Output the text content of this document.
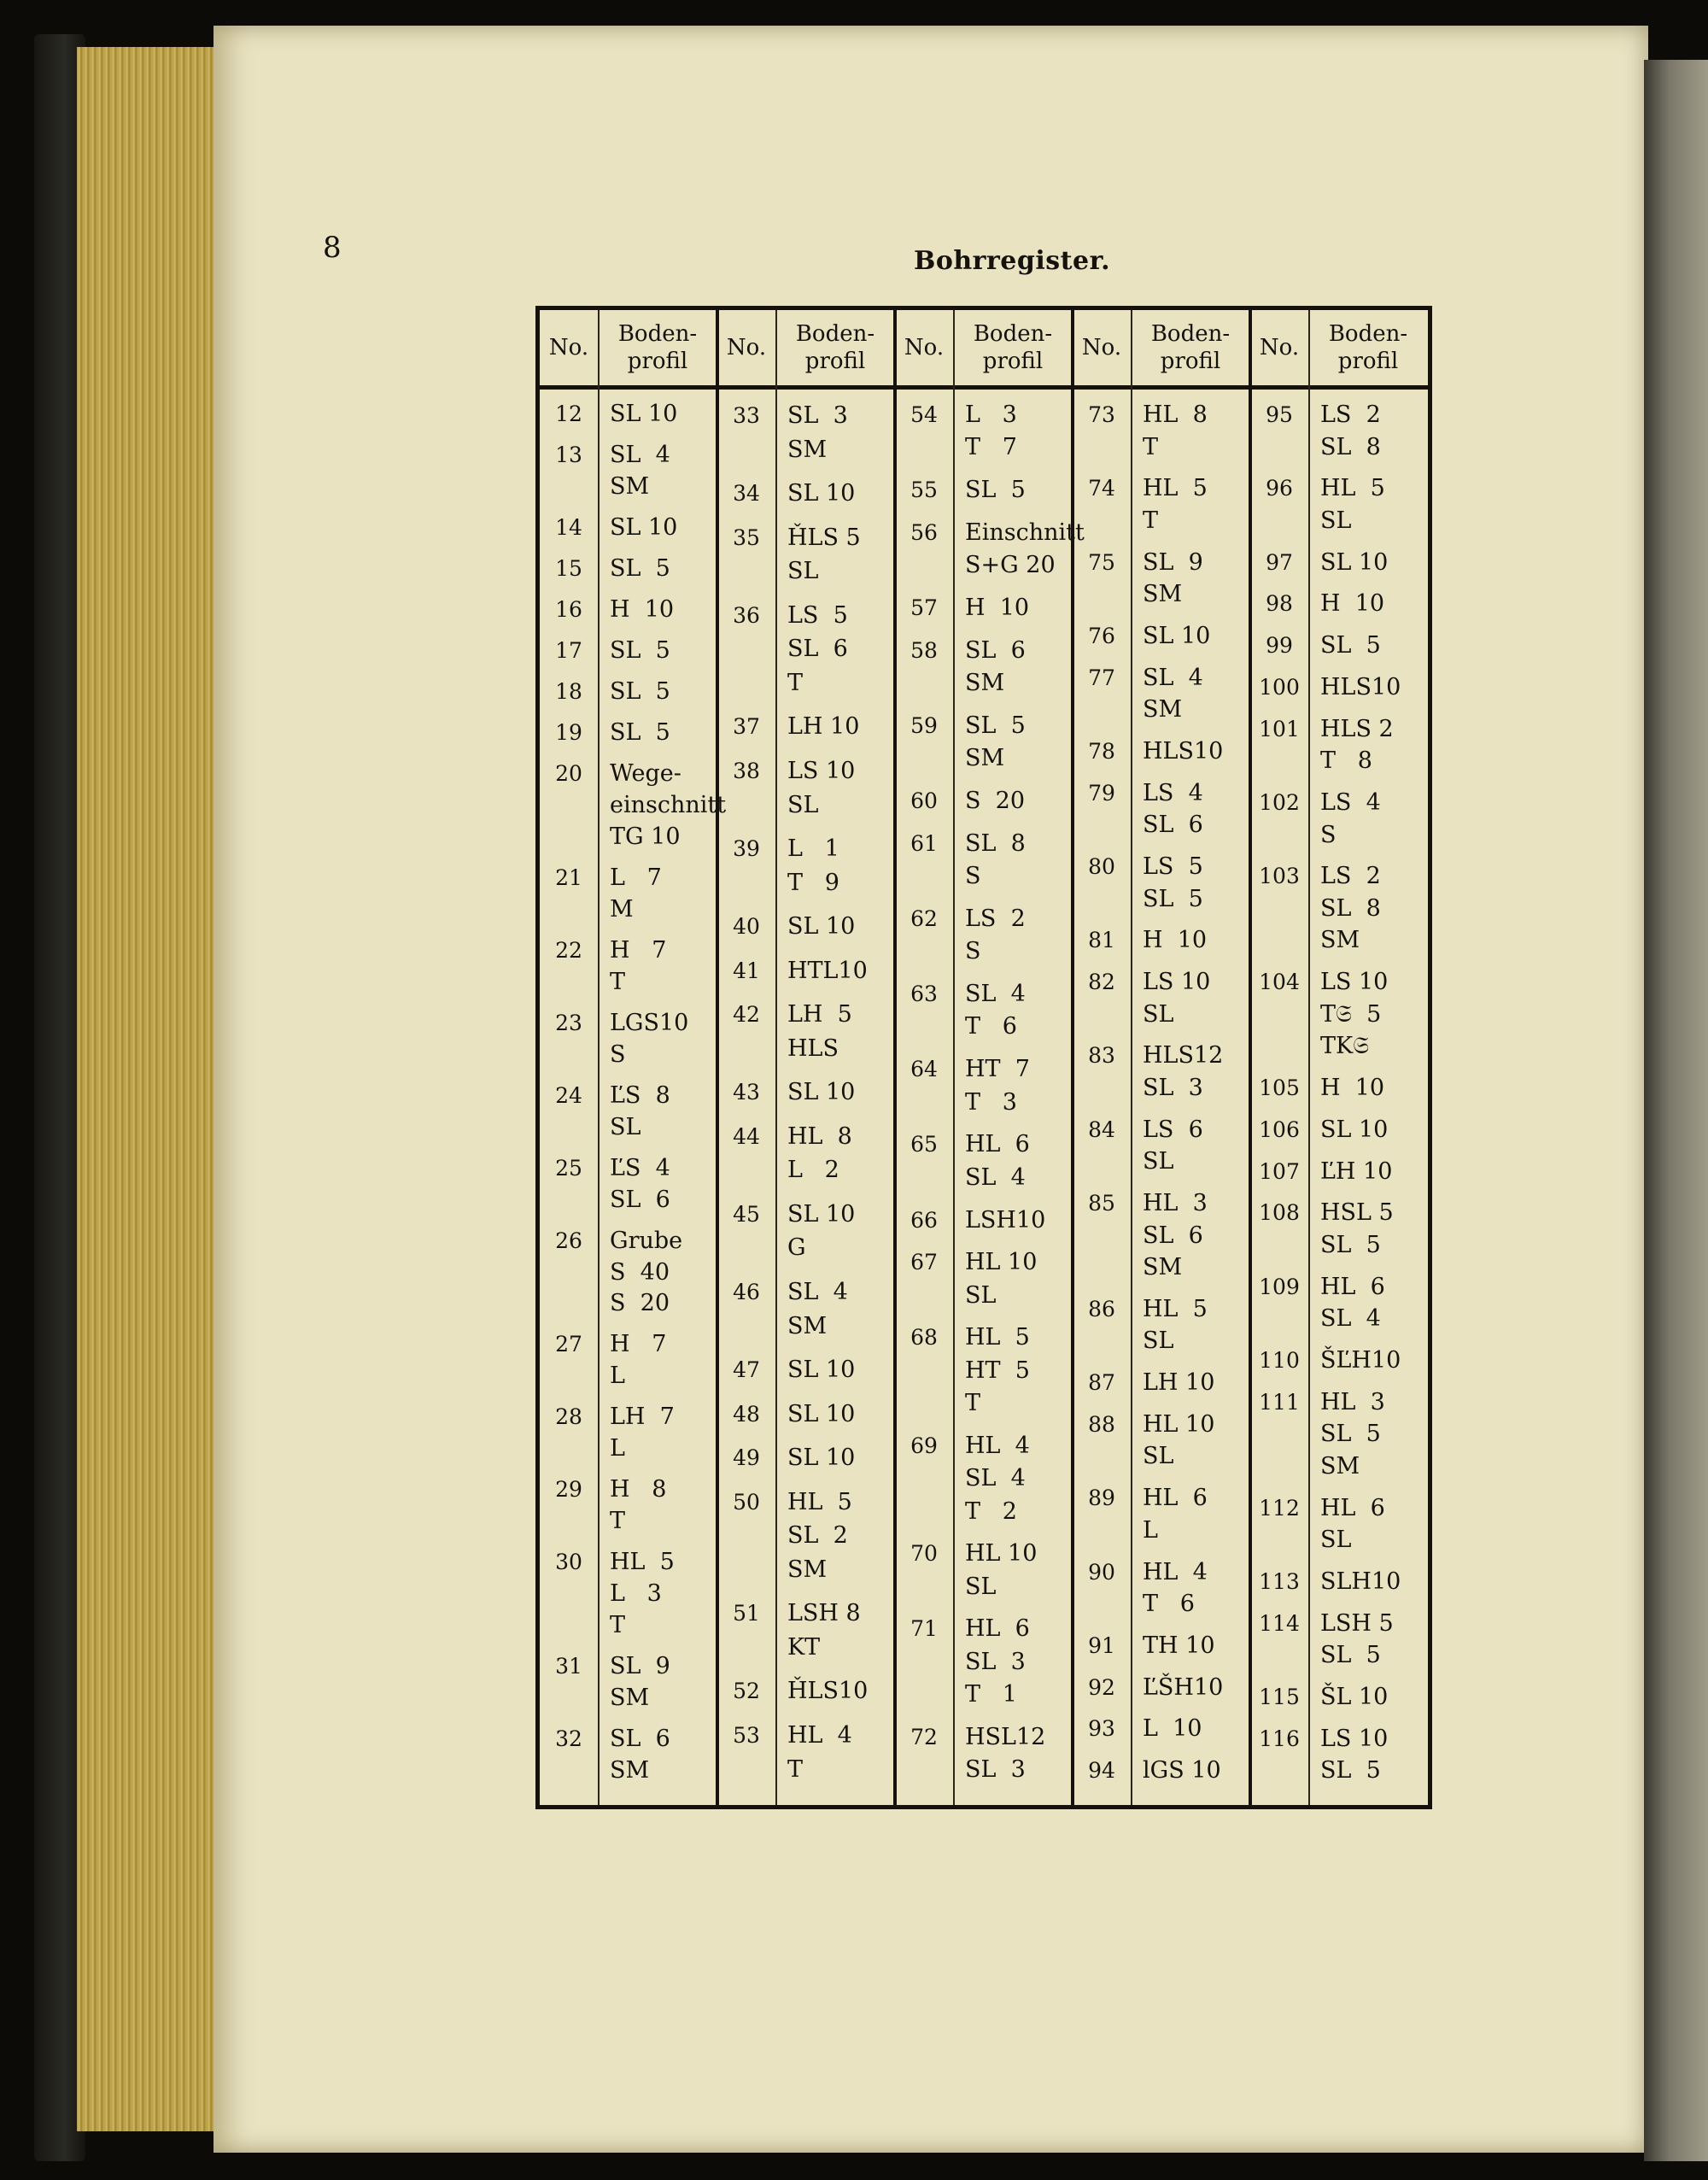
8	Bohrregister.
No.
Boden-
profil
12	SL 10
13	SL  4
SM
14	SL 10
15	SL  5
16	H  10
17	SL  5
18	SL  5
19	SL  5
20	Wege-
einschnitt
TG 10
21	L   7
M
22	H   7
T
23	LGS10
S
24	ĽS  8
SL
25	ĽS  4
SL  6
26	Grube
S  40
S  20
27	H   7
L
28	LH  7
L
29	H   8
T
30	HL  5
L   3
T
31	SL  9
SM
32	SL  6
SM
No.
Boden-
profil
33	SL  3
SM
34	SL 10
35	ȞLS 5
SL
36	LS  5
SL  6
T
37	LH 10
38	LS 10
SL
39	L   1
T   9
40	SL 10
41	HTL10
42	LH  5
HLS
43	SL 10
44	HL  8
L   2
45	SL 10
G
46	SL  4
SM
47	SL 10
48	SL 10
49	SL 10
50	HL  5
SL  2
SM
51	LSH 8
KT
52	ȞLS10
53	HL  4
T
No.
Boden-
profil
54	L   3
T   7
55	SL  5
56	Einschnitt
S+G 20
57	H  10
58	SL  6
SM
59	SL  5
SM
60	S  20
61	SL  8
S
62	LS  2
S
63	SL  4
T   6
64	HT  7
T   3
65	HL  6
SL  4
66	LSH10
67	HL 10
SL
68	HL  5
HT  5
T
69	HL  4
SL  4
T   2
70	HL 10
SL
71	HL  6
SL  3
T   1
72	HSL12
SL  3
No.
Boden-
profil
73	HL  8
T
74	HL  5
T
75	SL  9
SM
76	SL 10
77	SL  4
SM
78	HLS10
79	LS  4
SL  6
80	LS  5
SL  5
81	H  10
82	LS 10
SL
83	HLS12
SL  3
84	LS  6
SL
85	HL  3
SL  6
SM
86	HL  5
SL
87	LH 10
88	HL 10
SL
89	HL  6
L
90	HL  4
T   6
91	TH 10
92	ĽŠH10
93	L  10
94	lGS 10
No.
Boden-
profil
95	LS  2
SL  8
96	HL  5
SL
97	SL 10
98	H  10
99	SL  5
100 HLS10
101 HLS 2
T   8
102 LS  4
S
103 LS  2
SL  8
SM
104 LS 10
T𝔖  5
TK𝔖
105 H  10
106 SL 10
107 ĽH 10
108 HSL 5
SL  5
109 HL  6
SL  4
110 ŠĽH10
111 HL  3
SL  5
SM
112 HL  6
SL
113 SLH10
114 LSH 5
SL  5
115 ŠL 10
116 LS 10
SL  5
